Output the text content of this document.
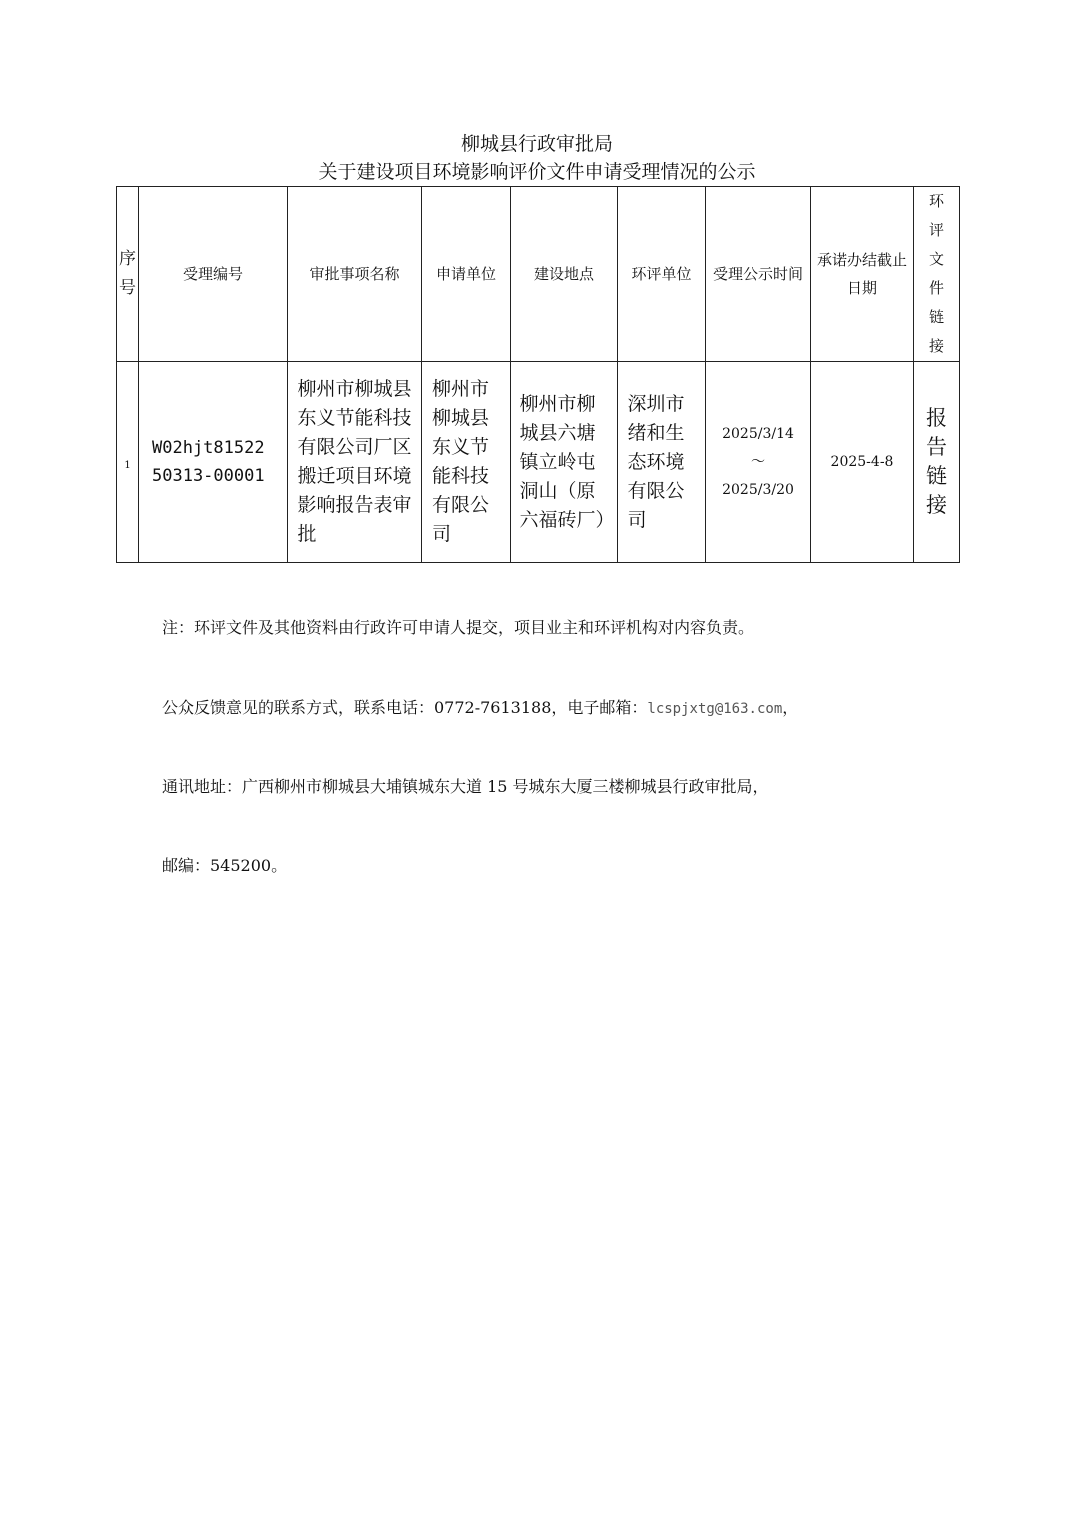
柳城县行政审批局
关于建设项目环境影响评价文件申请受理情况的公示
序号	受理编号	审批事项名称	申请单位	建设地点	环评单位	受理公示时间	承诺办结截止日期	环评文件链接

1	W02hjt8152250313-00001	柳州市柳城县东义节能科技有限公司厂区搬迁项目环境影响报告表审批	柳州市柳城县东义节能科技有限公司	柳州市柳城县六塘镇立岭屯洞山（原六福砖厂）	深圳市绪和生态环境有限公司	2025/3/14
～
2025/3/20	2025-4-8	报告链接
注：环评文件及其他资料由行政许可申请人提交，项目业主和环评机构对内容负责。
公众反馈意见的联系方式，联系电话：0772-7613188，电子邮箱：lcspjxtg@163.com，
通讯地址：广西柳州市柳城县大埔镇城东大道 15 号城东大厦三楼柳城县行政审批局，
邮编：545200。
